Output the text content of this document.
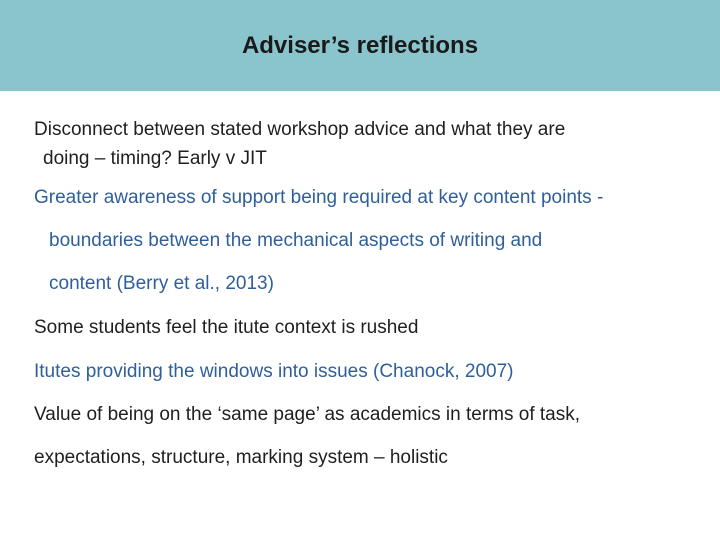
Adviser’s reflections
Disconnect between stated workshop advice and what they are
doing – timing? Early v JIT
Greater awareness of support being required at key content points -
boundaries between the mechanical aspects of writing and
content (Berry et al., 2013)
Some students feel the itute context is rushed
Itutes providing the windows into issues (Chanock, 2007)
Value of being on the ‘same page’ as academics in terms of task,
expectations, structure, marking system – holistic
